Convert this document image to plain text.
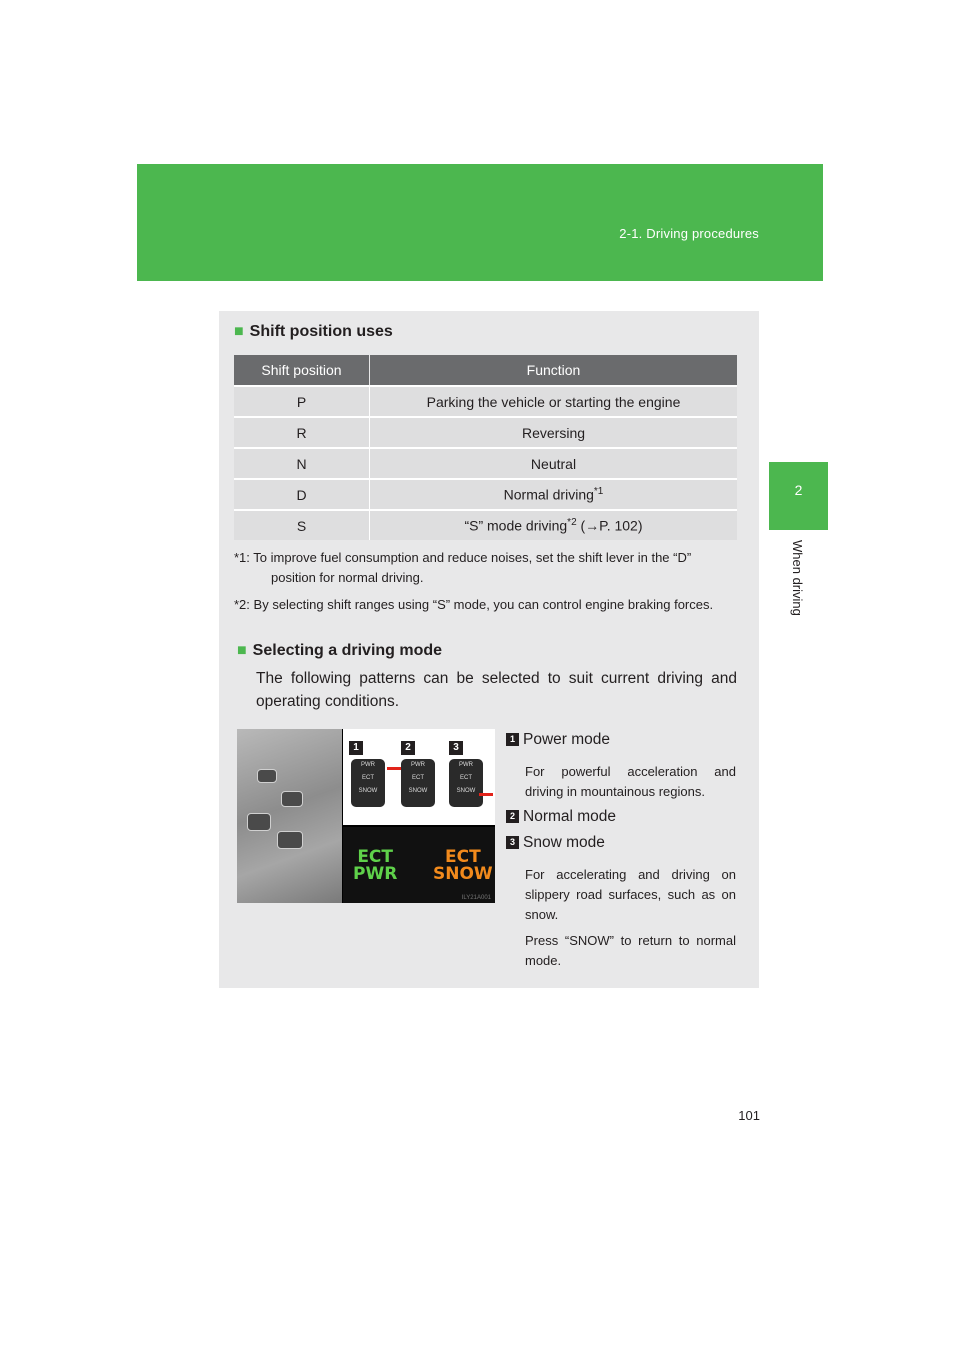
2-1. Driving procedures
2
When driving
■ Shift position uses
Shift position	Function
P	Parking the vehicle or starting the engine
R	Reversing
N	Neutral
D	Normal driving$^{*1}$
S	“S” mode driving$^{*2}$ (→P. 102)
*1: To improve fuel consumption and reduce noises, set the shift lever in the “D” position for normal driving.
*2: By selecting shift ranges using “S” mode, you can control engine braking forces.
■ Selecting a driving mode
The following patterns can be selected to suit current driving and operating conditions.
1	2	3
PWR
ECT
SNOW
PWR
ECT
SNOW
PWR
ECT
SNOW
ECT
PWR
ECT
SNOW
ILY21A001
1 Power mode
For powerful acceleration and driving in mountainous regions.
2 Normal mode
3 Snow mode
For accelerating and driving on slippery road surfaces, such as on snow.
Press “SNOW” to return to normal mode.
101
